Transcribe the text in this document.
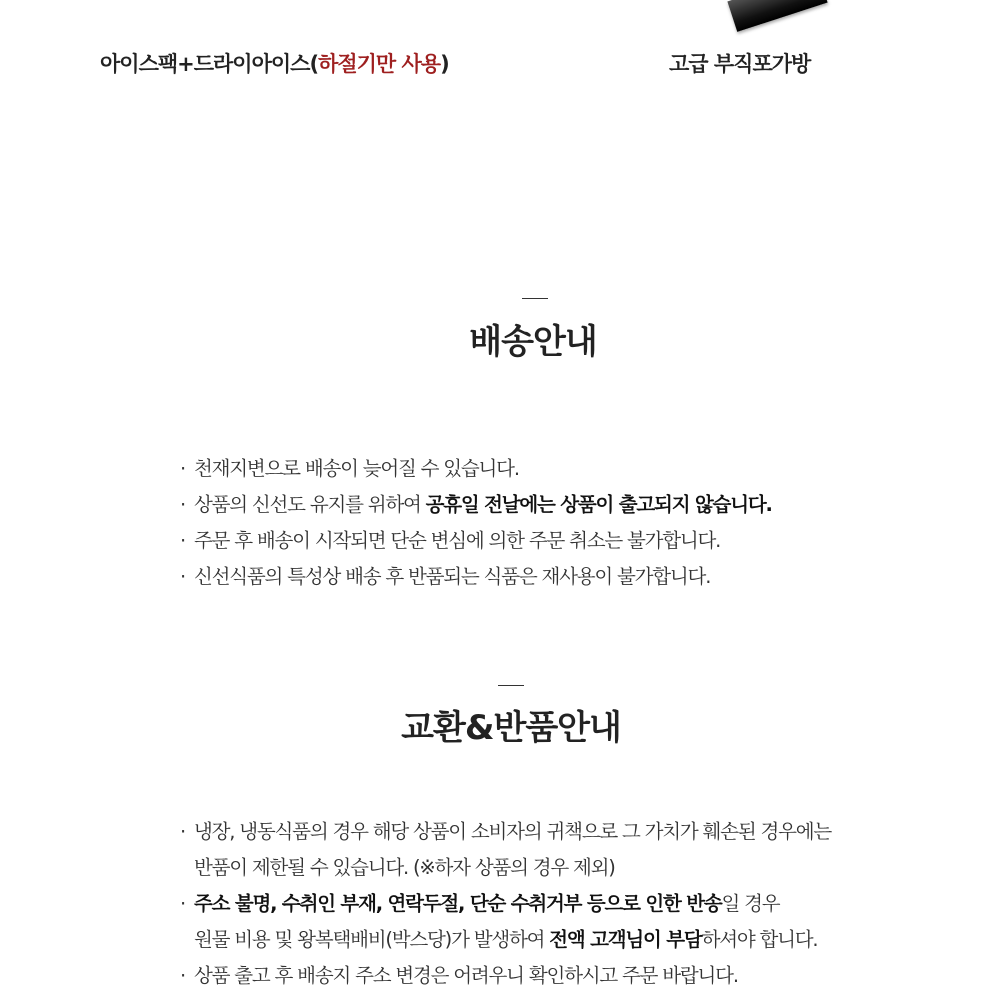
아이스팩+드라이아이스(하절기만 사용)	고급 부직포가방
배송안내
· 천재지변으로 배송이 늦어질 수 있습니다.
· 상품의 신선도 유지를 위하여 공휴일 전날에는 상품이 출고되지 않습니다.
· 주문 후 배송이 시작되면 단순 변심에 의한 주문 취소는 불가합니다.
· 신선식품의 특성상 배송 후 반품되는 식품은 재사용이 불가합니다.
교환&반품안내
· 냉장, 냉동식품의 경우 해당 상품이 소비자의 귀책으로 그 가치가 훼손된 경우에는
반품이 제한될 수 있습니다. (※하자 상품의 경우 제외)
· 주소 불명, 수취인 부재, 연락두절, 단순 수취거부 등으로 인한 반송일 경우
원물 비용 및 왕복택배비(박스당)가 발생하여 전액 고객님이 부담하셔야 합니다.
· 상품 출고 후 배송지 주소 변경은 어려우니 확인하시고 주문 바랍니다.
